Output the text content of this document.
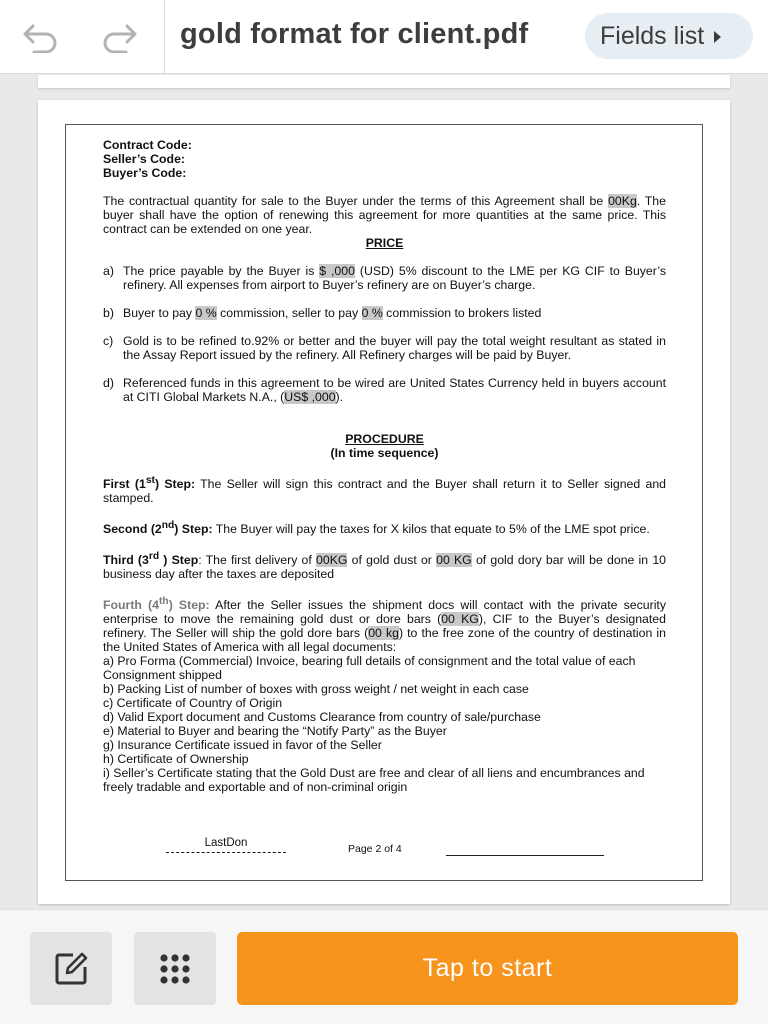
gold format for client.pdf	Fields list

Contract Code:

Seller’s Code:

Buyer’s Code:

The contractual quantity for sale to the Buyer under the terms of this Agreement shall be 00Kg. The buyer shall have the option of renewing this agreement for more quantities at the same price. This contract can be extended on one year.

PRICE

a) The price payable by the Buyer is $ ,000 (USD) 5% discount to the LME per KG CIF to Buyer’s refinery. All expenses from airport to Buyer’s refinery are on Buyer’s charge.
b) Buyer to pay 0 % commission, seller to pay 0 % commission to brokers listed
c) Gold is to be refined to.92% or better and the buyer will pay the total weight resultant as stated in the Assay Report issued by the refinery. All Refinery charges will be paid by Buyer.
d) Referenced funds in this agreement to be wired are United States Currency held in buyers account at CITI Global Markets N.A., (US$ ,000).

PROCEDURE

(In time sequence)

First (1st) Step: The Seller will sign this contract and the Buyer shall return it to Seller signed and stamped.

Second (2nd) Step: The Buyer will pay the taxes for X kilos that equate to 5% of the LME spot price.

Third (3rd ) Step: The first delivery of 00KG of gold dust or 00 KG of gold dory bar will be done in 10 business day after the taxes are deposited

Fourth (4th) Step: After the Seller issues the shipment docs will contact with the private security enterprise to move the remaining gold dust or dore bars (00 KG), CIF to the Buyer’s designated refinery. The Seller will ship the gold dore bars (00 kg) to the free zone of the country of destination in the United States of America with all legal documents:

a) Pro Forma (Commercial) Invoice, bearing full details of consignment and the total value of each Consignment shipped

b) Packing List of number of boxes with gross weight / net weight in each case

c) Certificate of Country of Origin

d) Valid Export document and Customs Clearance from country of sale/purchase

e) Material to Buyer and bearing the “Notify Party” as the Buyer

g) Insurance Certificate issued in favor of the Seller

h) Certificate of Ownership

i) Seller’s Certificate stating that the Gold Dust are free and clear of all liens and encumbrances and freely tradable and exportable and of non-criminal origin

LastDon	Page 2 of 4
Tap to start
